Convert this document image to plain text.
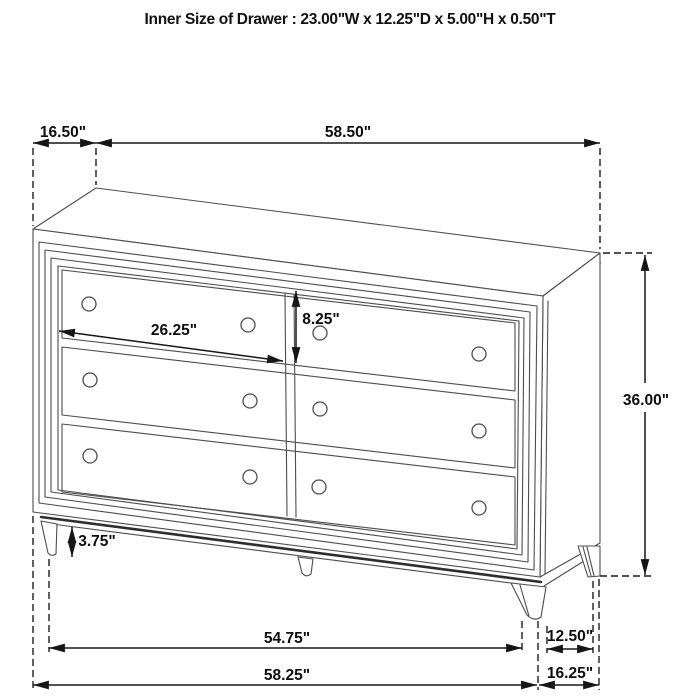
Inner Size of Drawer : 23.00"W x 12.25"D x 5.00"H x 0.50"T
16.50"	58.50"
36.00"
26.25"
8.25"
3.75"
54.75"	12.50"
58.25"	16.25"
